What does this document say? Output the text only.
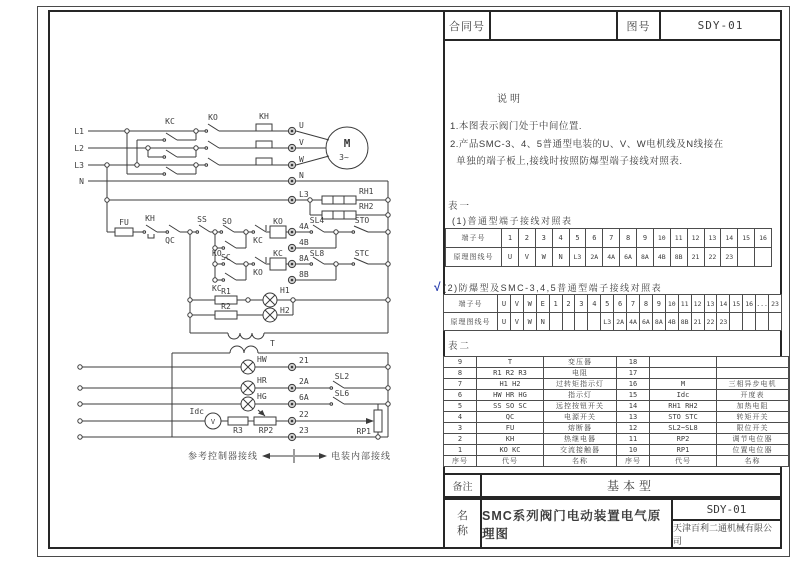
合同号	图号	SDY-01
说明
1.本图表示阀门处于中间位置.
2.产品SMC-3、4、5普通型电装的U、V、W电机线及N线接在
单独的端子板上,接线时按照防爆型端子接线对照表.
表一
(1)普通型端子接线对照表
√(2)防爆型及SMC-3,4,5普通型端子接线对照表
表二
端子号	1	2	3	4	5	6	7	8	9	10	11	12	13	14	15	16
原理图线号	U	V	W	N	L3	2A	4A	6A	8A	4B	8B	21	22	23		
端子号	U	V	W	E	1	2	3	4	5	6	7	8	9	10	11	12	13	14	15	16	...	23
原理图线号	U	V	W	N					L3	2A	4A	6A	8A	4B	8B	21	22	23				
9	T	变压器	18		
8	R1 R2 R3	电阻	17		
7	H1 H2	过转矩指示灯	16	M	三相异步电机
6	HW HR HG	指示灯	15	Idc	开度表
5	SS SO SC	远控按钮开关	14	RH1 RH2	加热电阻
4	QC	电源开关	13	STO STC	转矩开关
3	FU	熔断器	12	SL2~SL8	限位开关
2	KH	热继电器	11	RP2	调节电位器
1	KO KC	交流接触器	10	RP1	位置电位器
序号	代号	名称	序号	代号	名称
备注	基本型
名称
SMC系列阀门电动装置电气原理图
SDY-01
天津百利二通机械有限公司
L1
L2
L3
N
KC	KO	KH
U
V
W
N
M
3~
L3	RH1
RH2
FU KH
QC
SS SO
KO
KC
KO
4A
SL4	STO
4B
SC
KC
KO
KC
8A
SL8	STC
8B
R1	H1
R2	H2
T
HW	21
HR	2A
SL2
HG	6A	SL6
Idc
V
R3 RP2
22
RP1
23
参考控制器接线	电装内部接线
